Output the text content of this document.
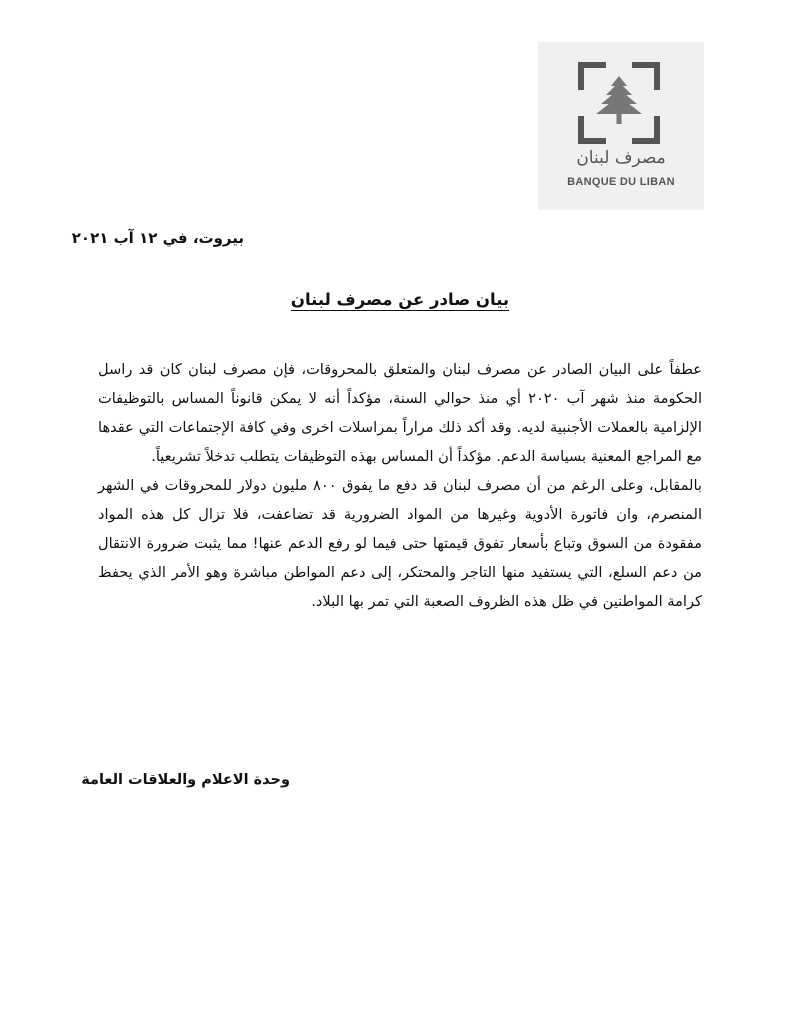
مصرف لبنان
BANQUE DU LIBAN
بيروت، في ١٢ آب ٢٠٢١
بيان صادر عن مصرف لبنان

عطفاً على البيان الصادر عن مصرف لبنان والمتعلق بالمحروقات، فإن مصرف لبنان كان قد راسل الحكومة منذ شهر آب ٢٠٢٠ أي منذ حوالي السنة، مؤكداً أنه لا يمكن قانوناً المساس بالتوظيفات الإلزامية بالعملات الأجنبية لديه. وقد أكد ذلك مراراً بمراسلات اخرى وفي كافة الإجتماعات التي عقدها مع المراجع المعنية بسياسة الدعم. مؤكداً أن المساس بهذه التوظيفات يتطلب تدخلاً تشريعياً.

بالمقابل، وعلى الرغم من أن مصرف لبنان قد دفع ما يفوق ٨٠٠ مليون دولار للمحروقات في الشهر المنصرم، وان فاتورة الأدوية وغيرها من المواد الضرورية قد تضاعفت، فلا تزال كل هذه المواد مفقودة من السوق وتباع بأسعار تفوق قيمتها حتى فيما لو رفع الدعم عنها! مما يثبت ضرورة الانتقال من دعم السلع، التي يستفيد منها التاجر والمحتكر، إلى دعم المواطن مباشرة وهو الأمر الذي يحفظ كرامة المواطنين في ظل هذه الظروف الصعبة التي تمر بها البلاد.

وحدة الاعلام والعلاقات العامة
